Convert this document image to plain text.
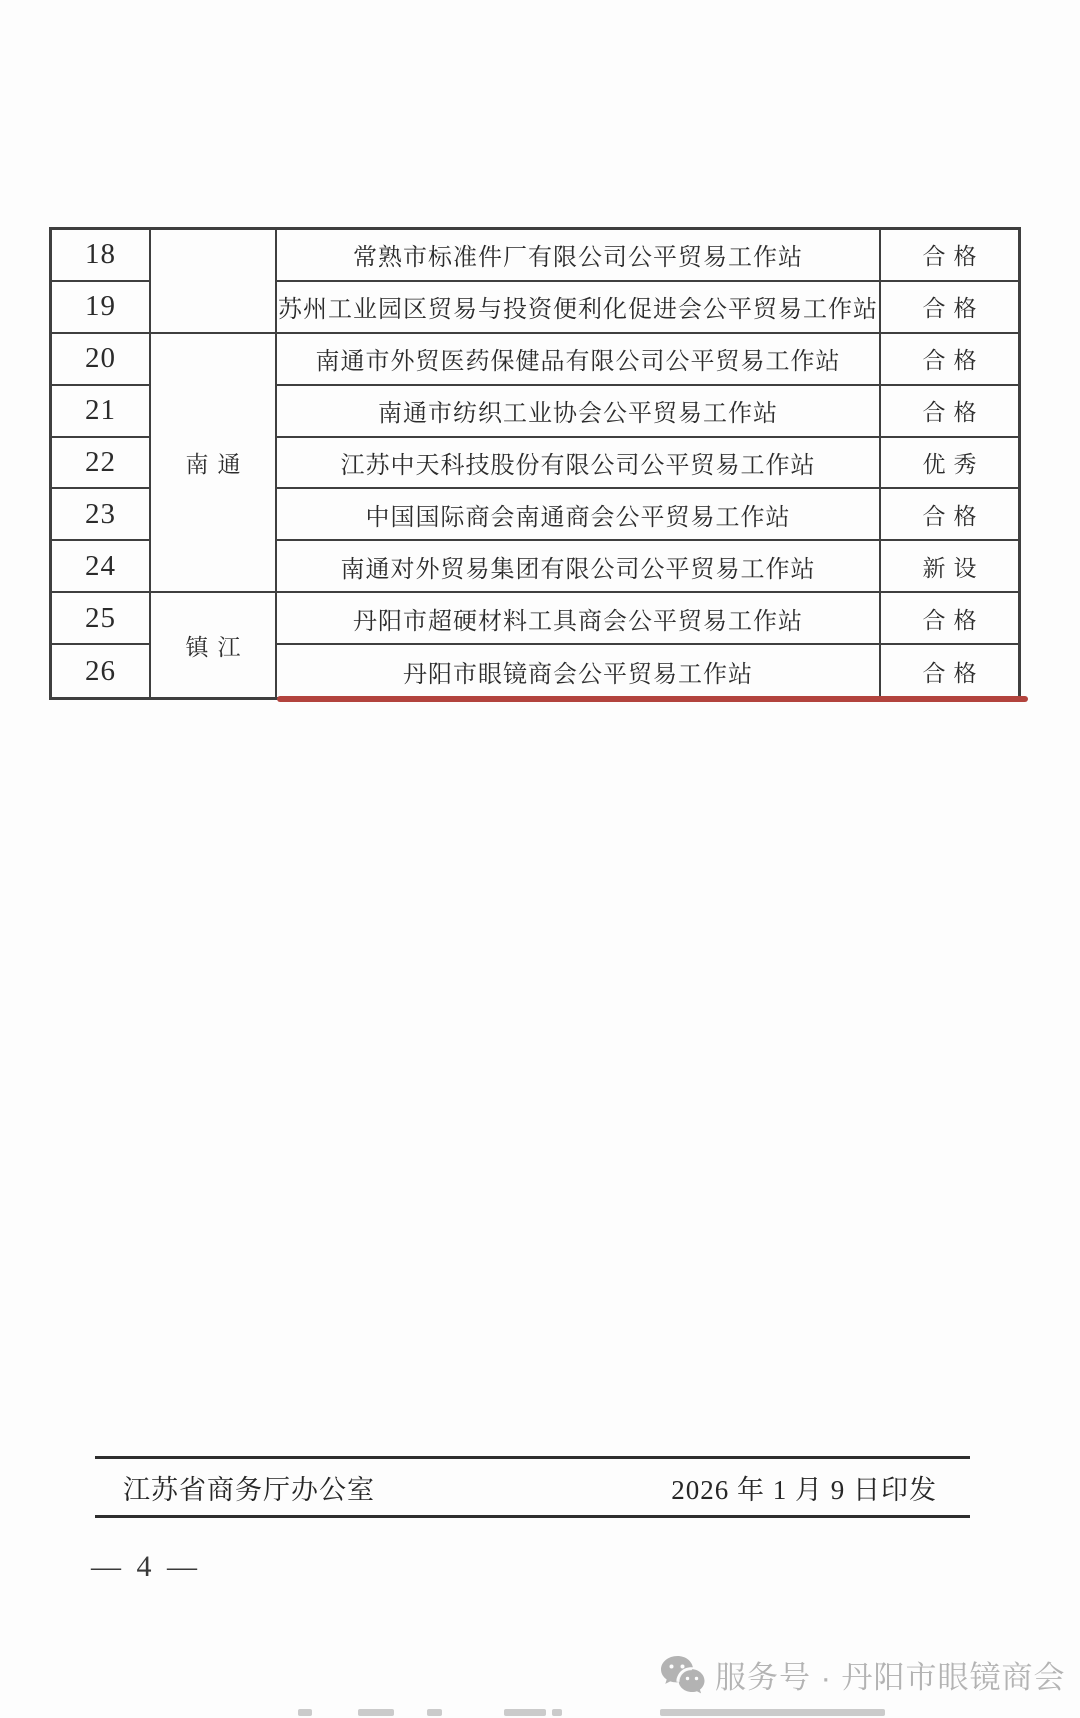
18
19
20
21
22
23
24
25
26
南通
镇江
常熟市标准件厂有限公司公平贸易工作站
苏州工业园区贸易与投资便利化促进会公平贸易工作站
南通市外贸医药保健品有限公司公平贸易工作站
南通市纺织工业协会公平贸易工作站
江苏中天科技股份有限公司公平贸易工作站
中国国际商会南通商会公平贸易工作站
南通对外贸易集团有限公司公平贸易工作站
丹阳市超硬材料工具商会公平贸易工作站
丹阳市眼镜商会公平贸易工作站
合格
合格
合格
合格
优秀
合格
新设
合格
合格
江苏省商务厅办公室	2026 年 1 月 9 日印发
— 4 —
服务号 · 丹阳市眼镜商会
